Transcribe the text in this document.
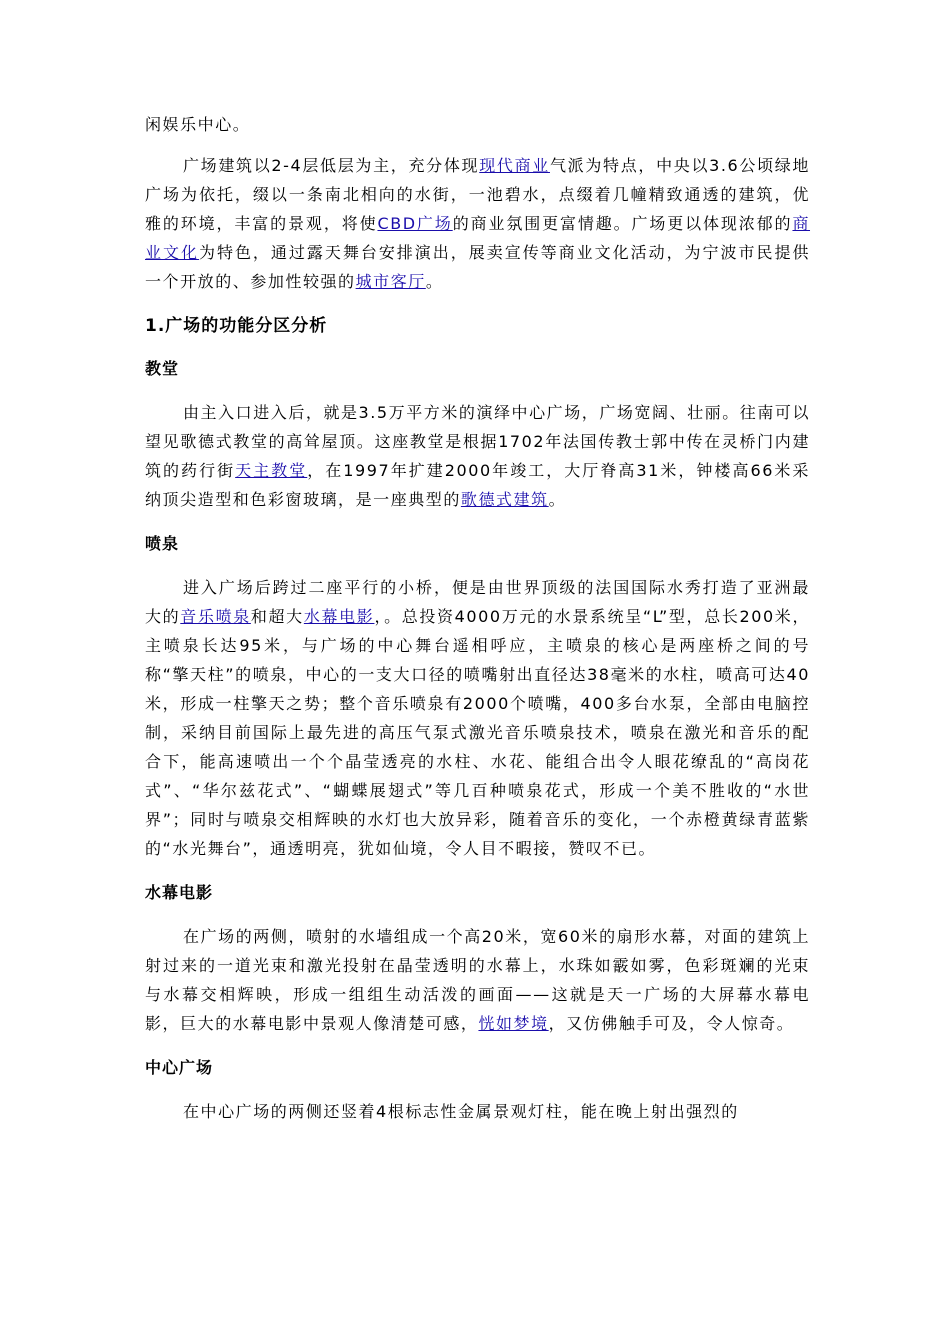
闲娱乐中心。

广场建筑以2-4层低层为主，充分体现现代商业气派为特点，中央以3.6公顷绿地广场为依托，缀以一条南北相向的水街，一池碧水，点缀着几幢精致通透的建筑，优雅的环境，丰富的景观，将使CBD广场的商业氛围更富情趣。广场更以体现浓郁的商业文化为特色，通过露天舞台安排演出，展卖宣传等商业文化活动，为宁波市民提供一个开放的、参加性较强的城市客厅。

1.广场的功能分区分析
教堂

由主入口进入后，就是3.5万平方米的演绎中心广场，广场宽阔、壮丽。往南可以望见歌德式教堂的高耸屋顶。这座教堂是根据1702年法国传教士郭中传在灵桥门内建筑的药行街天主教堂，在1997年扩建2000年竣工，大厅脊高31米，钟楼高66米采纳顶尖造型和色彩窗玻璃，是一座典型的歌德式建筑。

喷泉

进入广场后跨过二座平行的小桥，便是由世界顶级的法国国际水秀打造了亚洲最大的音乐喷泉和超大水幕电影，。总投资4000万元的水景系统呈“L”型，总长200米，主喷泉长达95米，与广场的中心舞台遥相呼应，主喷泉的核心是两座桥之间的号称“擎天柱”的喷泉，中心的一支大口径的喷嘴射出直径达38毫米的水柱，喷高可达40米，形成一柱擎天之势；整个音乐喷泉有2000个喷嘴，400多台水泵，全部由电脑控制，采纳目前国际上最先进的高压气泵式激光音乐喷泉技术，喷泉在激光和音乐的配合下，能高速喷出一个个晶莹透亮的水柱、水花、能组合出令人眼花缭乱的“高岗花式”、“华尔兹花式”、“蝴蝶展翅式”等几百种喷泉花式，形成一个美不胜收的“水世界”；同时与喷泉交相辉映的水灯也大放异彩，随着音乐的变化，一个赤橙黄绿青蓝紫的“水光舞台”，通透明亮，犹如仙境，令人目不暇接，赞叹不已。

水幕电影

在广场的两侧，喷射的水墙组成一个高20米，宽60米的扇形水幕，对面的建筑上射过来的一道光束和激光投射在晶莹透明的水幕上，水珠如霰如雾，色彩斑斓的光束与水幕交相辉映，形成一组组生动活泼的画面——这就是天一广场的大屏幕水幕电影，巨大的水幕电影中景观人像清楚可感，恍如梦境，又仿佛触手可及，令人惊奇。

中心广场

在中心广场的两侧还竖着4根标志性金属景观灯柱，能在晚上射出强烈的
